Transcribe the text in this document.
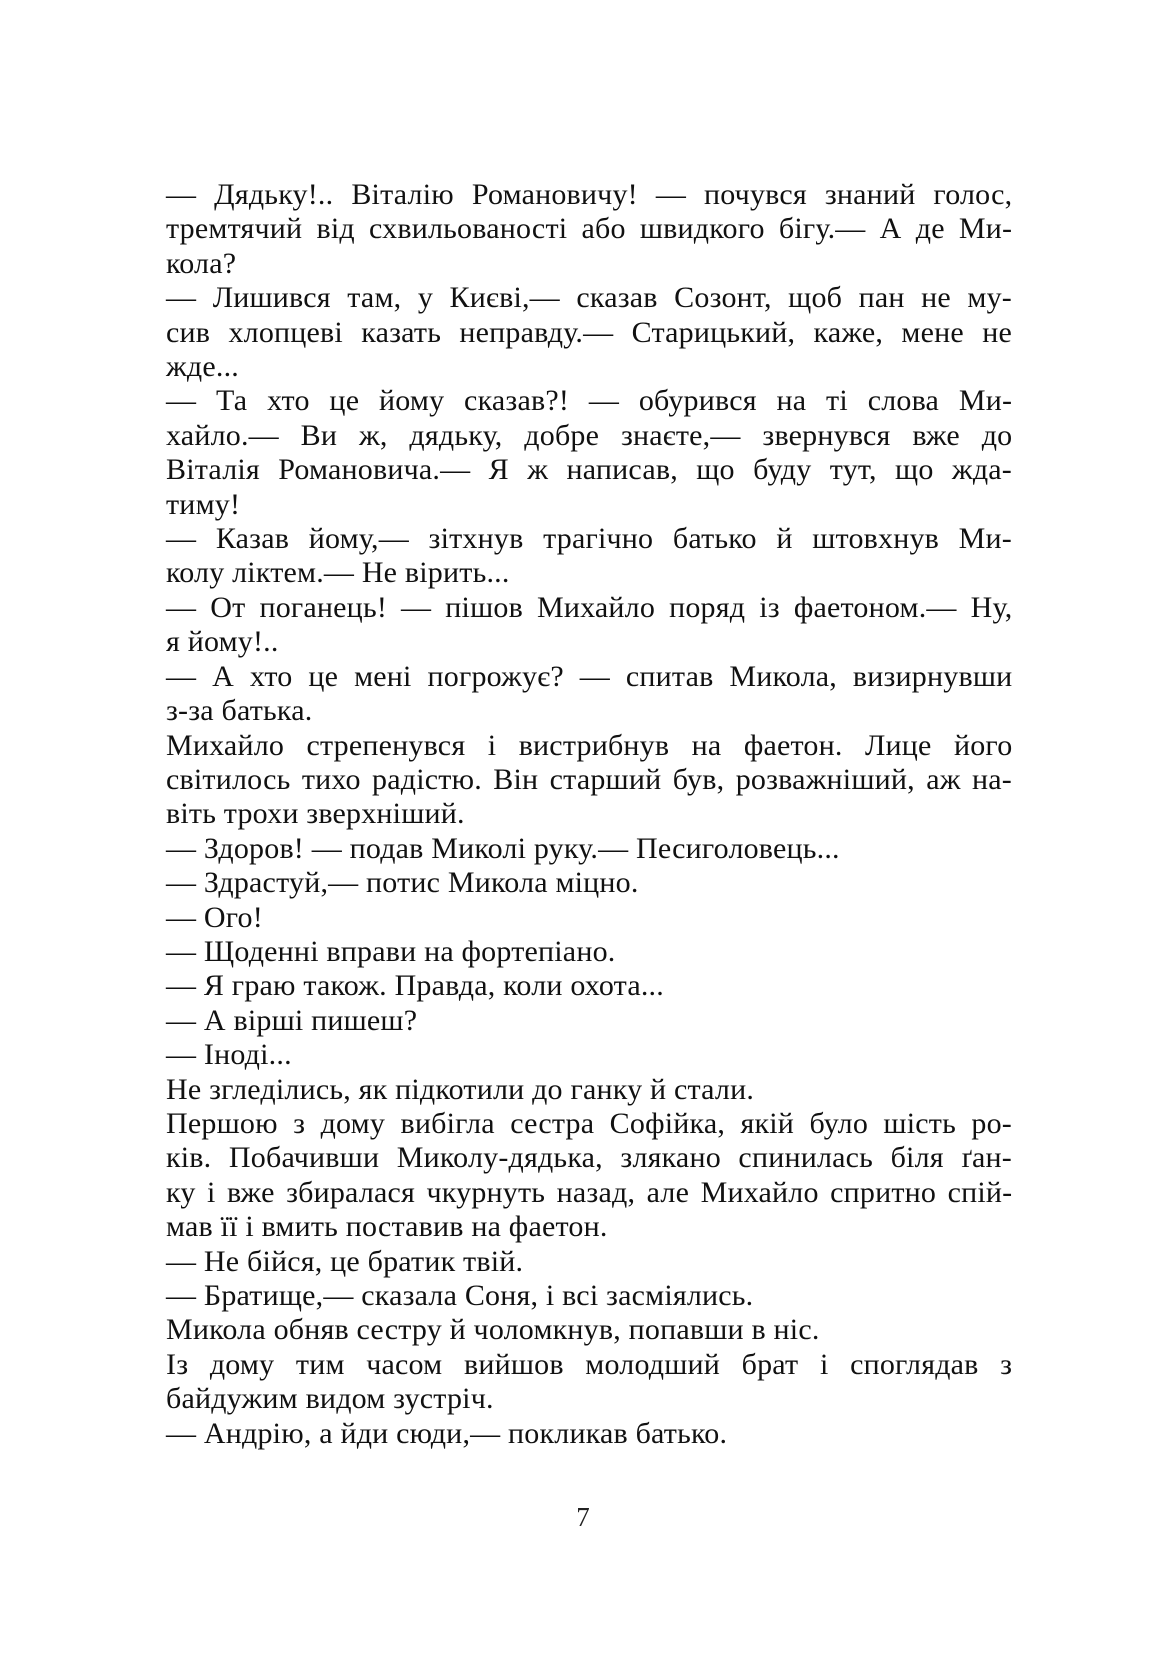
— Дядьку!.. Віталію Романовичу! — почувся знаний голос,
тремтячий від схвильованості або швидкого бігу.— А де Ми-
кола?
— Лишився там, у Києві,— сказав Созонт, щоб пан не му-
сив хлопцеві казать неправду.— Старицький, каже, мене не
жде...
— Та хто це йому сказав?! — обурився на ті слова Ми-
хайло.— Ви ж, дядьку, добре знаєте,— звернувся вже до
Віталія Романовича.— Я ж написав, що буду тут, що жда-
тиму!
— Казав йому,— зітхнув трагічно батько й штовхнув Ми-
колу ліктем.— Не вірить...
— От поганець! — пішов Михайло поряд із фаетоном.— Ну,
я йому!..
— А хто це мені погрожує? — спитав Микола, визирнувши
з-за батька.
Михайло стрепенувся і вистрибнув на фаетон. Лице його
світилось тихо радістю. Він старший був, розважніший, аж на-
віть трохи зверхніший.
— Здоров! — подав Миколі руку.— Песиголовець...
— Здрастуй,— потис Микола міцно.
— Ого!
— Щоденні вправи на фортепіано.
— Я граю також. Правда, коли охота...
— А вірші пишеш?
— Іноді...
Не згледілись, як підкотили до ганку й стали.
Першою з дому вибігла сестра Софійка, якій було шість ро-
ків. Побачивши Миколу-дядька, злякано спинилась біля ґан-
ку і вже збиралася чкурнуть назад, але Михайло спритно спій-
мав її і вмить поставив на фаетон.
— Не бійся, це братик твій.
— Братище,— сказала Соня, і всі засміялись.
Микола обняв сестру й чоломкнув, попавши в ніс.
Із дому тим часом вийшов молодший брат і споглядав з
байдужим видом зустріч.
— Андрію, а йди сюди,— покликав батько.
7
